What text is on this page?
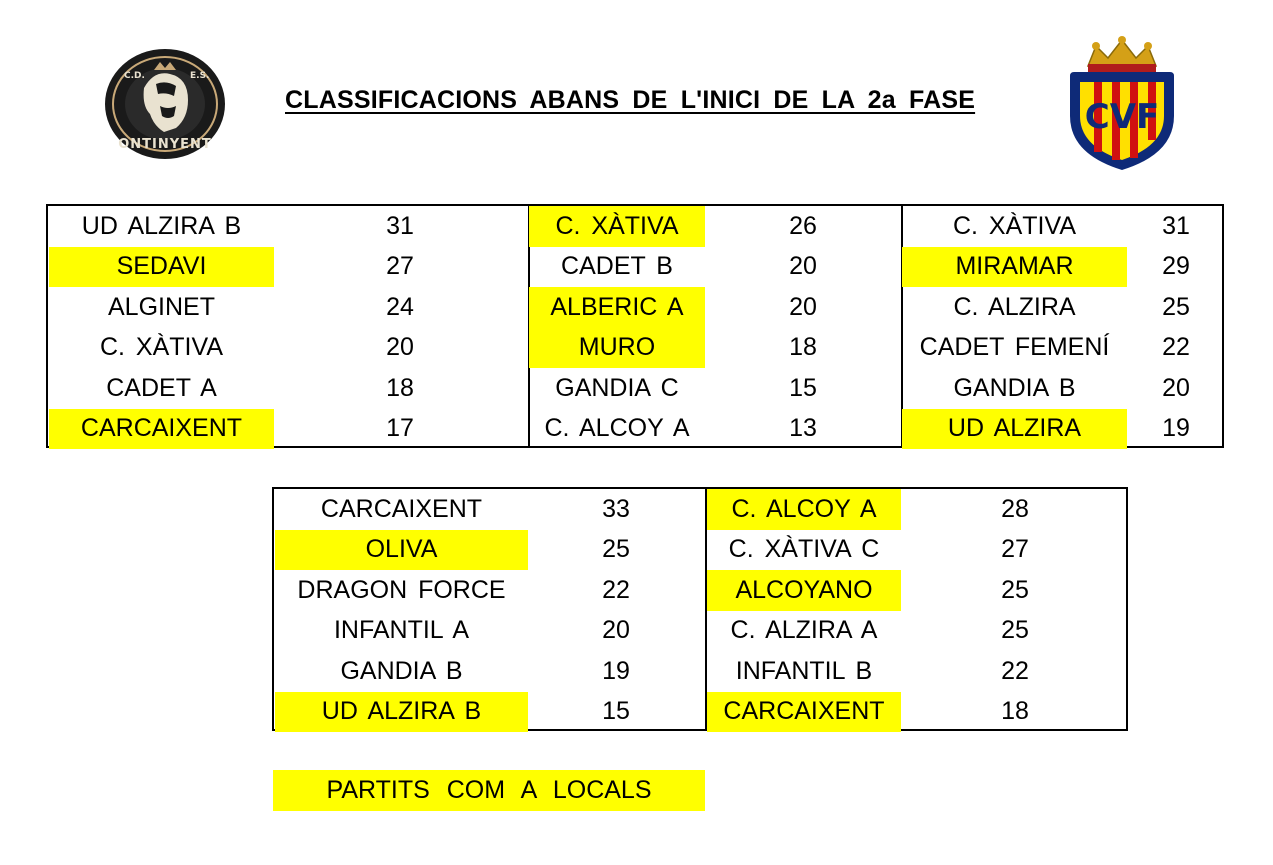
C.D.	E.S.
ONTINYENT
CLASSIFICACIONS ABANS DE L'INICI DE LA 2a FASE	CVF
UD ALZIRA B	31
SEDAVI	27
ALGINET	24
C. XÀTIVA	20
CADET A	18
CARCAIXENT	17
C. XÀTIVA	26
CADET B	20
ALBERIC A	20
MURO	18
GANDIA C	15
C. ALCOY A	13
C. XÀTIVA	31
MIRAMAR	29
C. ALZIRA	25
CADET FEMENÍ	22
GANDIA B	20
UD ALZIRA	19
CARCAIXENT	33
OLIVA	25
DRAGON FORCE	22
INFANTIL A	20
GANDIA B	19
UD ALZIRA B	15
C. ALCOY A	28
C. XÀTIVA C	27
ALCOYANO	25
C. ALZIRA A	25
INFANTIL B	22
CARCAIXENT	18
PARTITS COM A LOCALS
